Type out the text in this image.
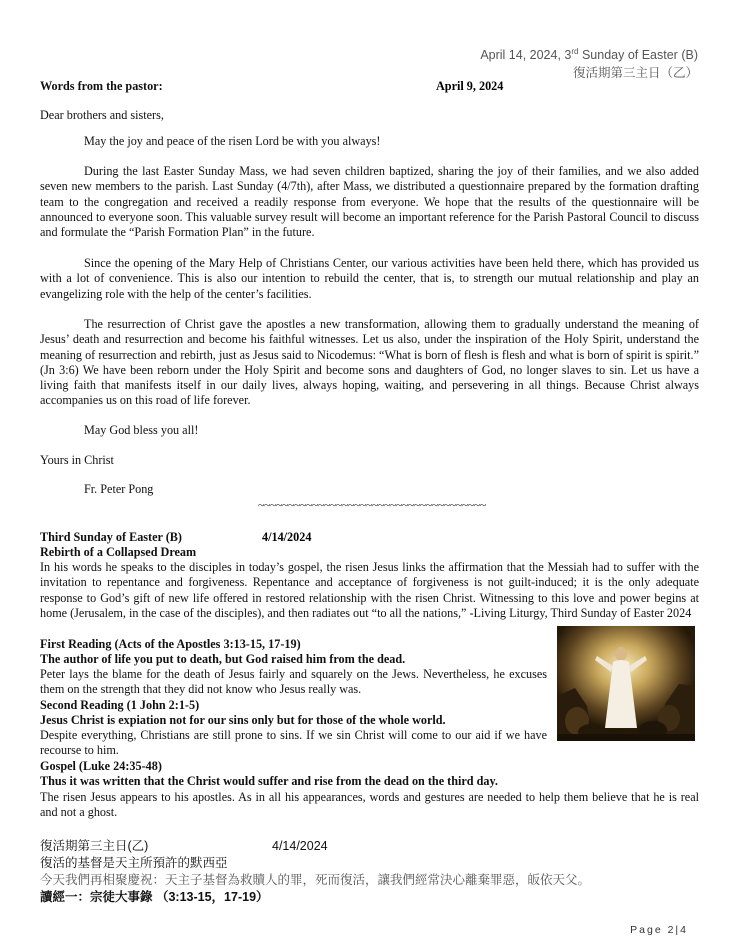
April 14, 2024, 3rd Sunday of Easter (B)
復活期第三主日（乙）
Words from the pastor:	April 9, 2024
Dear brothers and sisters,
May the joy and peace of the risen Lord be with you always!
During the last Easter Sunday Mass, we had seven children baptized, sharing the joy of their families, and we also added seven new members to the parish. Last Sunday (4/7th), after Mass, we distributed a questionnaire prepared by the formation drafting team to the congregation and received a readily response from everyone. We hope that the results of the questionnaire will be announced to everyone soon. This valuable survey result will become an important reference for the Parish Pastoral Council to discuss and formulate the “Parish Formation Plan” in the future.
Since the opening of the Mary Help of Christians Center, our various activities have been held there, which has provided us with a lot of convenience. This is also our intention to rebuild the center, that is, to strength our mutual relationship and play an evangelizing role with the help of the center’s facilities.
The resurrection of Christ gave the apostles a new transformation, allowing them to gradually understand the meaning of Jesus’ death and resurrection and become his faithful witnesses. Let us also, under the inspiration of the Holy Spirit, understand the meaning of resurrection and rebirth, just as Jesus said to Nicodemus: “What is born of flesh is flesh and what is born of spirit is spirit.” (Jn 3:6) We have been reborn under the Holy Spirit and become sons and daughters of God, no longer slaves to sin. Let us have a living faith that manifests itself in our daily lives, always hoping, waiting, and persevering in all things. Because Christ always accompanies us on this road of life forever.
May God bless you all!
Yours in Christ
Fr. Peter Pong
~~~~~~~~~~~~~~~~~~~~~~~~~~~~~~~~~~~~~~
Third Sunday of Easter (B)	4/14/2024
Rebirth of a Collapsed Dream
In his words he speaks to the disciples in today’s gospel, the risen Jesus links the affirmation that the Messiah had to suffer with the invitation to repentance and forgiveness. Repentance and acceptance of forgiveness is not guilt-induced; it is the only adequate response to God’s gift of new life offered in restored relationship with the risen Christ. Witnessing to this love and power begins at home (Jerusalem, in the case of the disciples), and then radiates out “to all the nations,” -Living Liturgy, Third Sunday of Easter 2024
First Reading (Acts of the Apostles 3:13-15, 17-19)
The author of life you put to death, but God raised him from the dead.
Peter lays the blame for the death of Jesus fairly and squarely on the Jews. Nevertheless, he excuses them on the strength that they did not know who Jesus really was.
Second Reading (1 John 2:1-5)
Jesus Christ is expiation not for our sins only but for those of the whole world.
Despite everything, Christians are still prone to sins. If we sin Christ will come to our aid if we have recourse to him.
Gospel (Luke 24:35-48)
Thus it was written that the Christ would suffer and rise from the dead on the third day.
The risen Jesus appears to his apostles. As in all his appearances, words and gestures are needed to help them believe that he is real and not a ghost.
復活期第三主日(乙)	4/14/2024
復活的基督是天主所預許的默西亞
今天我們再相聚慶祝：天主子基督為救贖人的罪，死而復活，讓我們經常決心離棄罪惡，皈依天父。
讀經一：宗徒大事錄 （3:13-15，17-19）
Page 2|4
